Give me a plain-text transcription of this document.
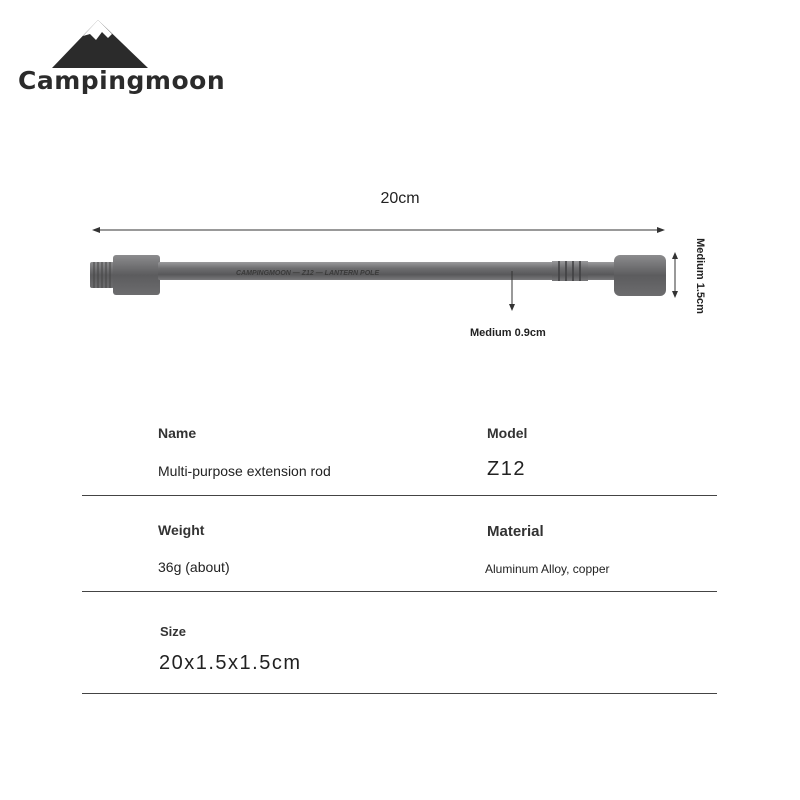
Campingmoon
20cm
CAMPINGMOON — Z12 — LANTERN POLE
Medium 0.9cm
Medium 1.5cm
Name
Multi-purpose extension rod
Model
Z12
Weight
36g (about)
Material
Aluminum Alloy, copper
Size
20x1.5x1.5cm
